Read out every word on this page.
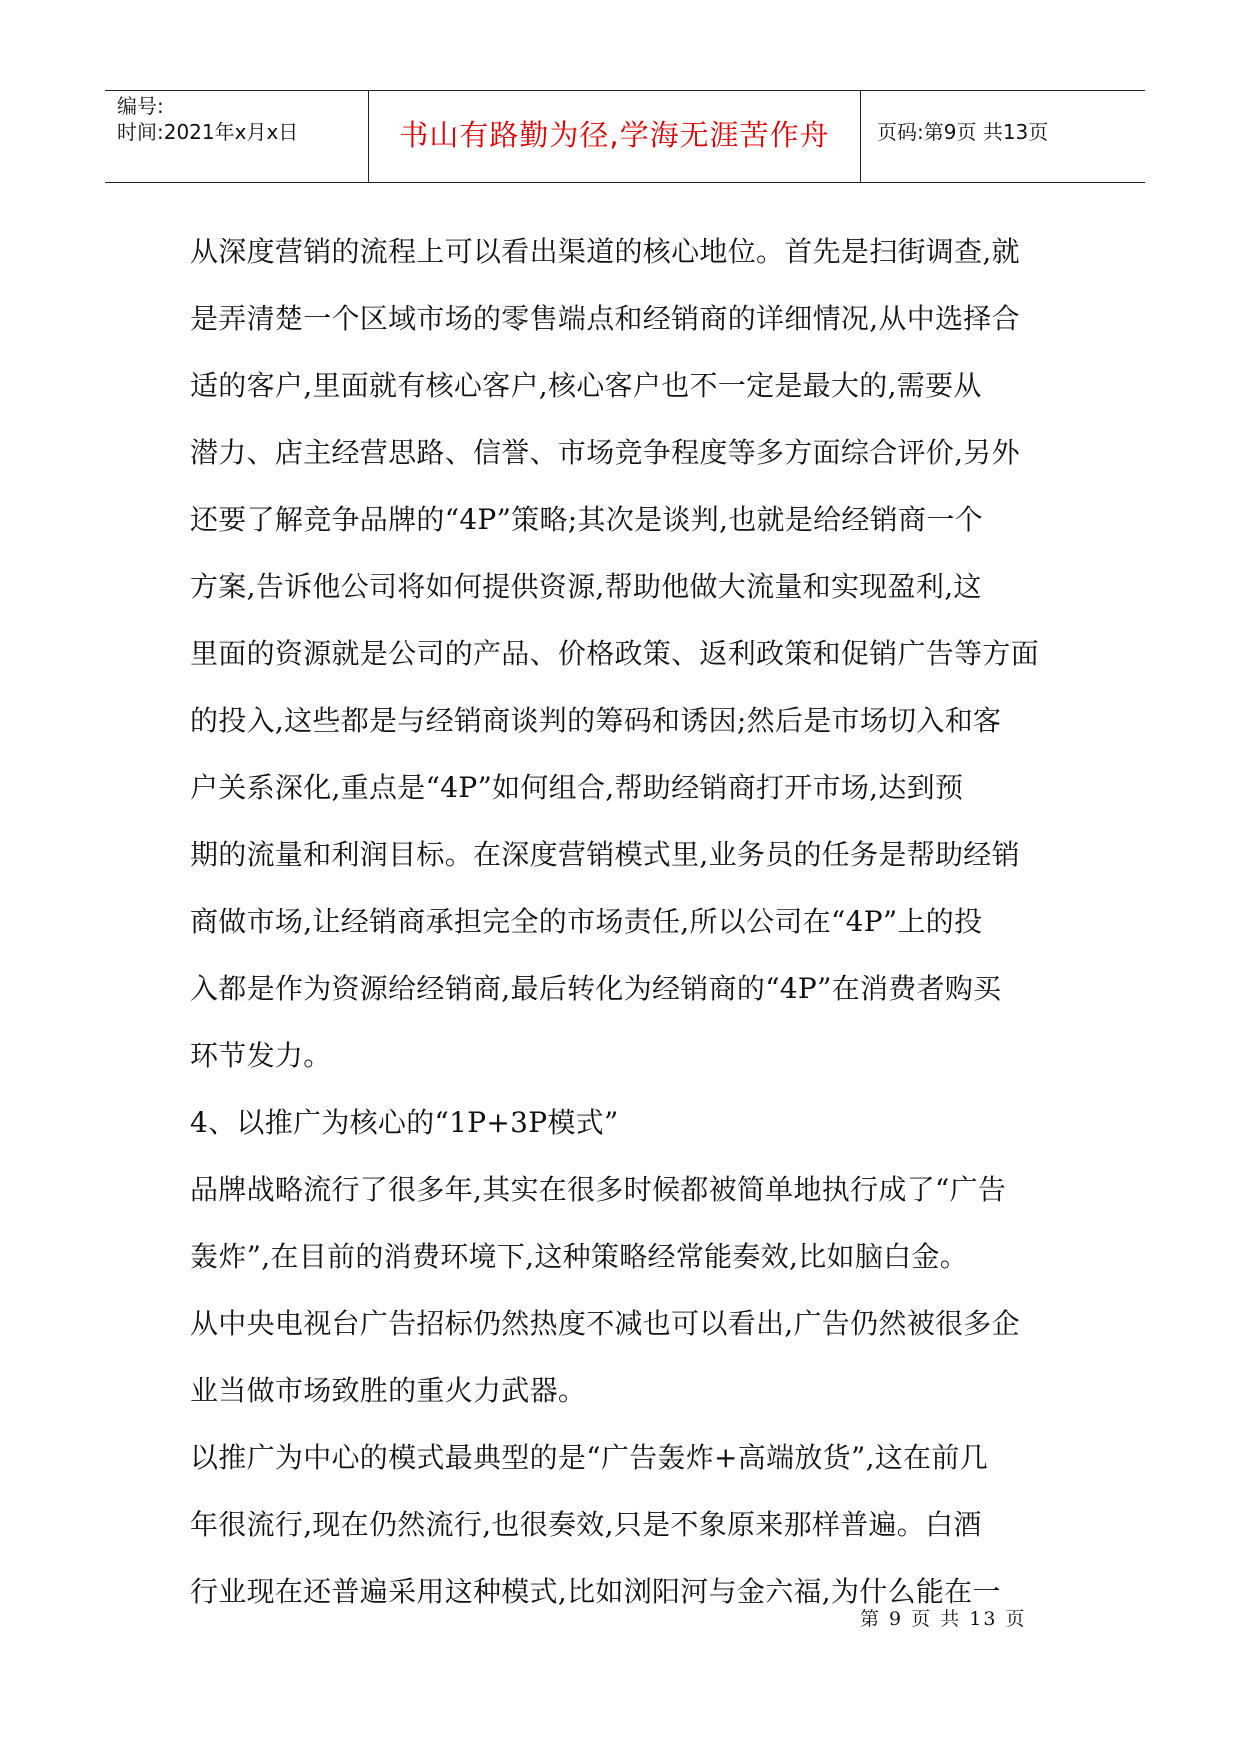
编号:
时间:2021年x月x日	书山有路勤为径,学海无涯苦作舟 页码:第9页 共13页
从深度营销的流程上可以看出渠道的核心地位。首先是扫街调查,就
是弄清楚一个区域市场的零售端点和经销商的详细情况,从中选择合
适的客户,里面就有核心客户,核心客户也不一定是最大的,需要从
潜力、店主经营思路、信誉、市场竞争程度等多方面综合评价,另外
还要了解竞争品牌的“4P”策略;其次是谈判,也就是给经销商一个
方案,告诉他公司将如何提供资源,帮助他做大流量和实现盈利,这
里面的资源就是公司的产品、价格政策、返利政策和促销广告等方面
的投入,这些都是与经销商谈判的筹码和诱因;然后是市场切入和客
户关系深化,重点是“4P”如何组合,帮助经销商打开市场,达到预
期的流量和利润目标。在深度营销模式里,业务员的任务是帮助经销
商做市场,让经销商承担完全的市场责任,所以公司在“4P”上的投
入都是作为资源给经销商,最后转化为经销商的“4P”在消费者购买
环节发力。
4、以推广为核心的“1P+3P模式”
品牌战略流行了很多年,其实在很多时候都被简单地执行成了“广告
轰炸”,在目前的消费环境下,这种策略经常能奏效,比如脑白金。
从中央电视台广告招标仍然热度不减也可以看出,广告仍然被很多企
业当做市场致胜的重火力武器。
以推广为中心的模式最典型的是“广告轰炸+高端放货”,这在前几
年很流行,现在仍然流行,也很奏效,只是不象原来那样普遍。白酒
行业现在还普遍采用这种模式,比如浏阳河与金六福,为什么能在一
第 9 页 共 13 页
